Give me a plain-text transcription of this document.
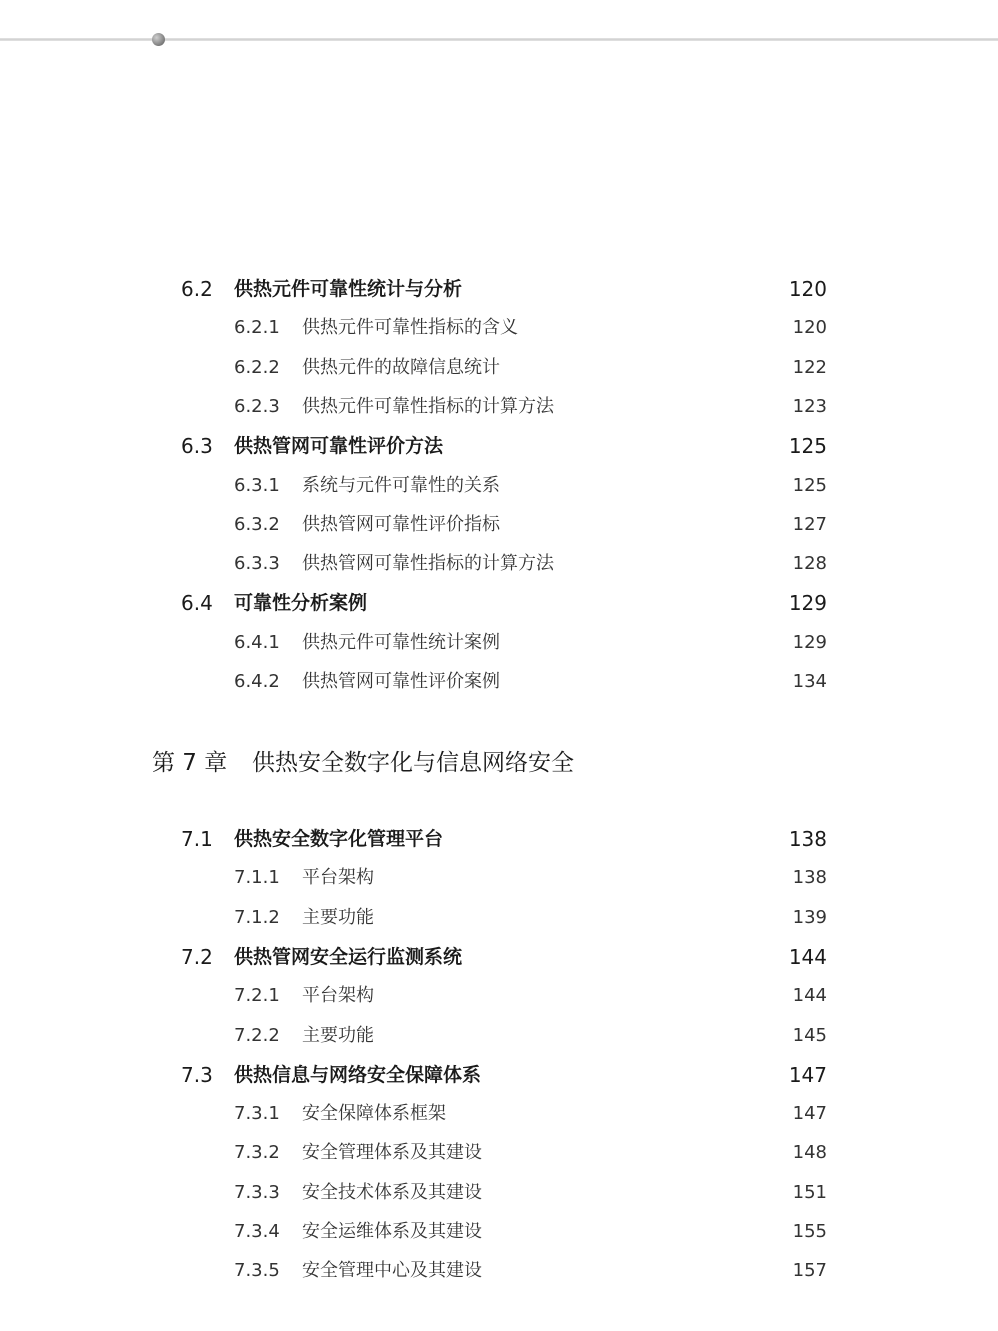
第 7 章 供热安全数字化与信息网络安全
6.2 供热元件可靠性统计与分析	120
6.2.1 供热元件可靠性指标的含义	120
6.2.2 供热元件的故障信息统计	122
6.2.3 供热元件可靠性指标的计算方法	123
6.3 供热管网可靠性评价方法	125
6.3.1 系统与元件可靠性的关系	125
6.3.2 供热管网可靠性评价指标	127
6.3.3 供热管网可靠性指标的计算方法	128
6.4 可靠性分析案例	129
6.4.1 供热元件可靠性统计案例	129
6.4.2 供热管网可靠性评价案例	134
7.1 供热安全数字化管理平台	138
7.1.1 平台架构	138
7.1.2 主要功能	139
7.2 供热管网安全运行监测系统	144
7.2.1 平台架构	144
7.2.2 主要功能	145
7.3 供热信息与网络安全保障体系	147
7.3.1 安全保障体系框架	147
7.3.2 安全管理体系及其建设	148
7.3.3 安全技术体系及其建设	151
7.3.4 安全运维体系及其建设	155
7.3.5 安全管理中心及其建设	157
